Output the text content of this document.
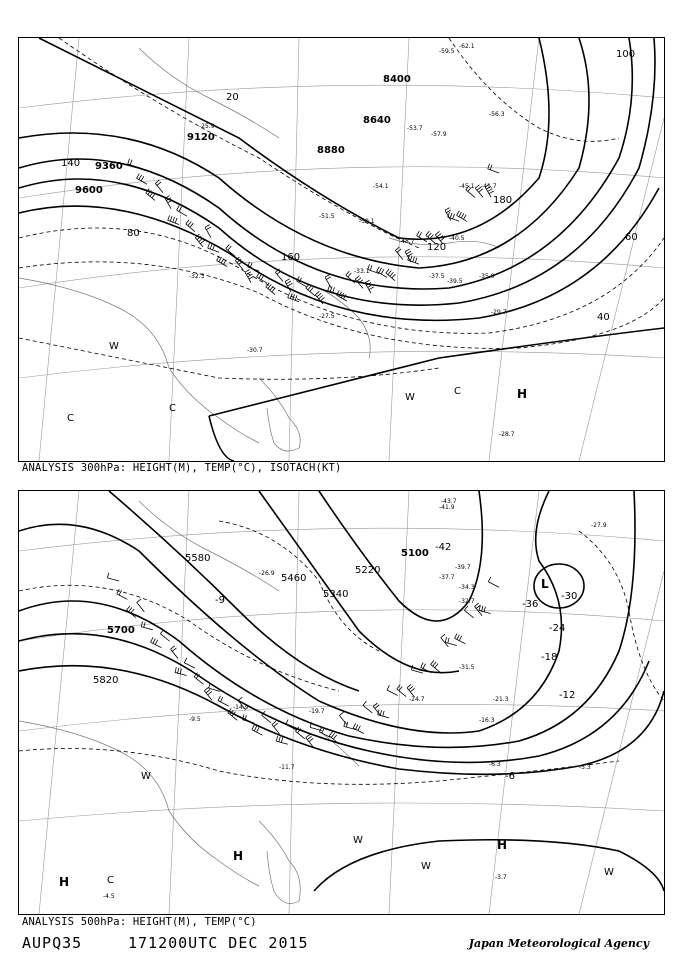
8400
8640
8880
9120
9360
9600
20
40
60
80
100
120
140
160
180
-62.1
-59.5
-57.9
-56.3
-54.1
-53.7
-51.5
-50.1
-48.7
-45.1 -41.7
-40.5
-39.5
-37.5	-35.9
-33.1
-32.3
-30.7
-29.7
-28.7
-27.5
-25.9
H
C
C
C
W
W
ANALYSIS 300hPa: HEIGHT(M), TEMP(°C), ISOTACH(KT)
5100
5220
5340
5460
5580
5700
5820
-42
-36
-30
-24
-18
-12
-6
-9
-43.7
-41.9
-39.7
-37.7
-34.3
-32.7
-31.5
-27.9
-26.9
-24.7	-21.3
-19.7
-16.3
-14.9
-11.7
-9.5
-6.3	-5.3
-4.5
-3.7
L
H
H
H	C
W
W
W
W
ANALYSIS 500hPa: HEIGHT(M), TEMP(°C)
AUPQ35	171200UTC DEC 2015	Japan Meteorological Agency
